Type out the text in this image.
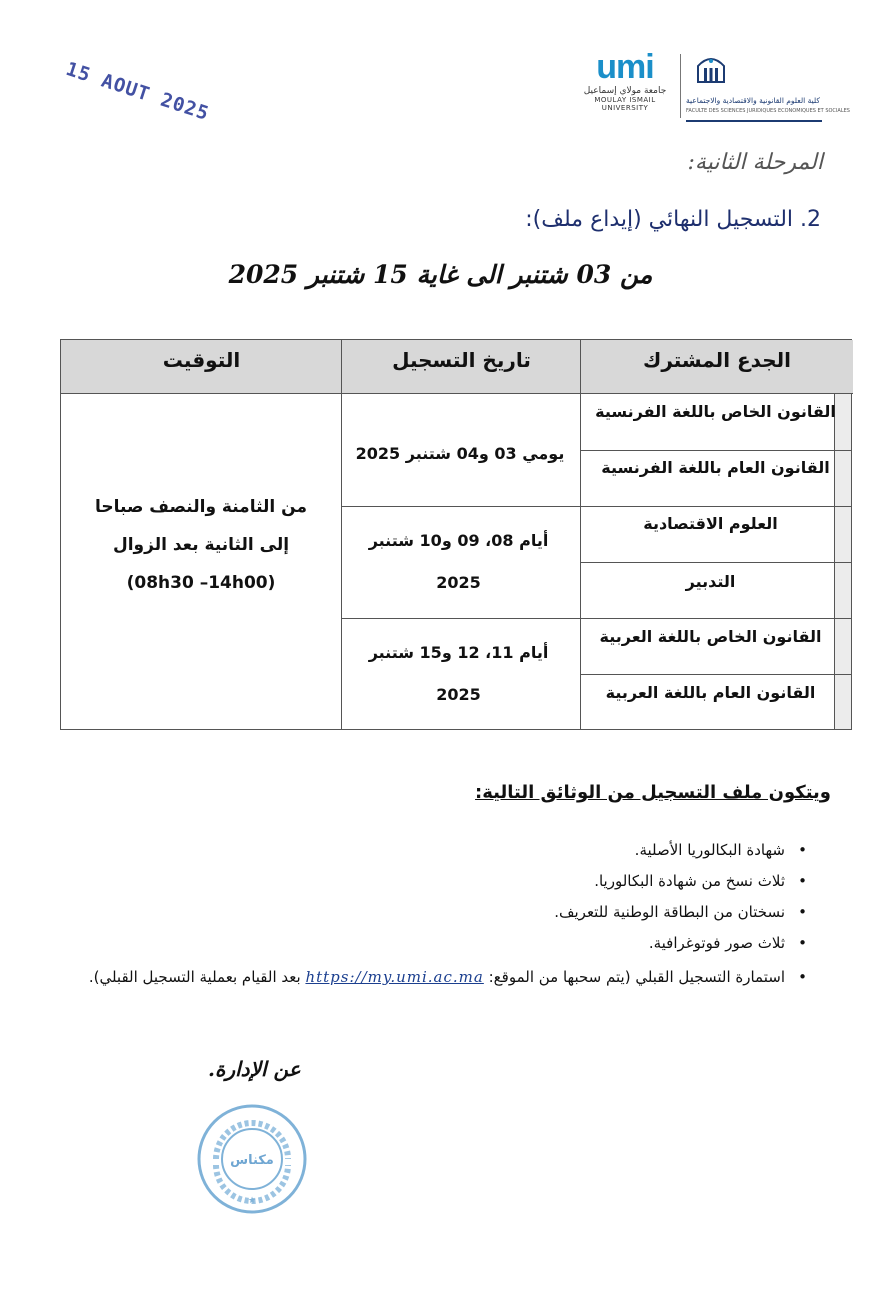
15 AOUT 2025	umi
جامعة مولاي إسماعيل
MOULAY ISMAIL UNIVERSITY
كلية العلوم القانونية والاقتصادية والاجتماعية
FACULTE DES SCIENCES JURIDIQUES ECONOMIQUES ET SOCIALES
المرحلة الثانية:
2. التسجيل النهائي (إيداع ملف):
من 03 شتنبر الى غاية 15 شتنبر 2025
الجدع المشترك
تاريخ التسجيل
التوقيت
القانون الخاص باللغة الفرنسية
القانون العام باللغة الفرنسية
العلوم الاقتصادية
التدبير
القانون الخاص باللغة العربية
القانون العام باللغة العربية
يومي 03 و04 شتنبر 2025
أيام 08، 09 و10 شتنبر 2025
أيام 11، 12 و15 شتنبر 2025
من الثامنة والنصف صباحا
إلى الثانية بعد الزوال
(08h30 –14h00)
ويتكون ملف التسجيل من الوثائق التالية:
• شهادة البكالوريا الأصلية.
• ثلاث نسخ من شهادة البكالوريا.
• نسختان من البطاقة الوطنية للتعريف.
• ثلاث صور فوتوغرافية.
• استمارة التسجيل القبلي (يتم سحبها من الموقع: https://my.umi.ac.ma بعد القيام بعملية التسجيل القبلي).
عن الإدارة.
مكناس
★
